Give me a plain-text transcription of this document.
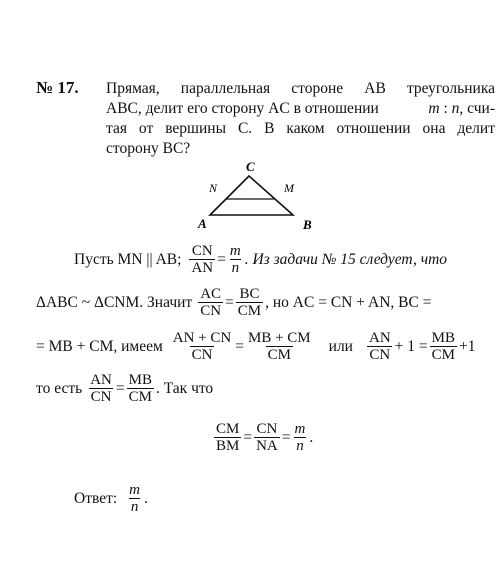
№ 17. Прямая, параллельная стороне AB треугольника
ABC, делит его сторону AC в отношении	m : n, счи-
тая от вершины C. В каком отношении она делит
сторону BC?
C
N	M
A	B
Пусть MN || AB; $\frac{CN}{AN} = \frac{m}{n}$ . Из задачи № 15 следует, что
ΔABC ~ ΔCNM. Значит $\frac{AC}{CN} = \frac{BC}{CM}$ , но AC = CN + AN, BC =
= MB + CM, имеем $\frac{AN + CN}{CN} = \frac{MB + CM}{CM}$ или $\frac{AN}{CN} + 1 = \frac{MB}{CM} +1$
то есть $\frac{AN}{CN} = \frac{MB}{CM}$ . Так что
$\frac{CM}{BM} = \frac{CN}{NA} = \frac{m}{n}$ .
Ответ: $\frac{m}{n}$ .
